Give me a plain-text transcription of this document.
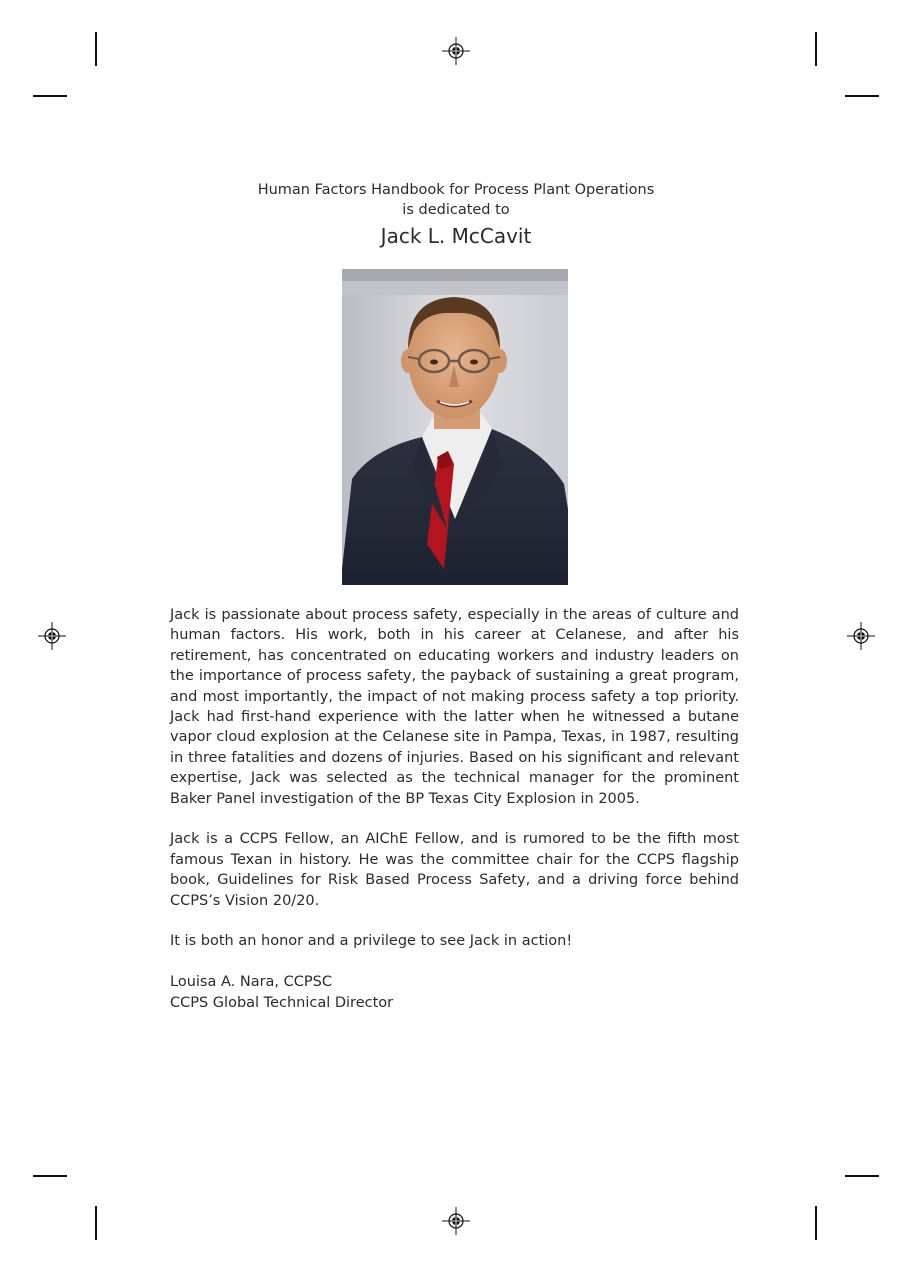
Human Factors Handbook for Process Plant Operations
is dedicated to
Jack L. McCavit

Jack is passionate about process safety, especially in the areas of culture and human factors. His work, both in his career at Celanese, and after his retirement, has concentrated on educating workers and industry leaders on the importance of process safety, the payback of sustaining a great program, and most importantly, the impact of not making process safety a top priority. Jack had first-hand experience with the latter when he witnessed a butane vapor cloud explosion at the Celanese site in Pampa, Texas, in 1987, resulting in three fatalities and dozens of injuries. Based on his significant and relevant expertise, Jack was selected as the technical manager for the prominent Baker Panel investigation of the BP Texas City Explosion in 2005.

Jack is a CCPS Fellow, an AIChE Fellow, and is rumored to be the fifth most famous Texan in history. He was the committee chair for the CCPS flagship book, Guidelines for Risk Based Process Safety, and a driving force behind CCPS’s Vision 20/20.

It is both an honor and a privilege to see Jack in action!

Louisa A. Nara, CCPSC

CCPS Global Technical Director
